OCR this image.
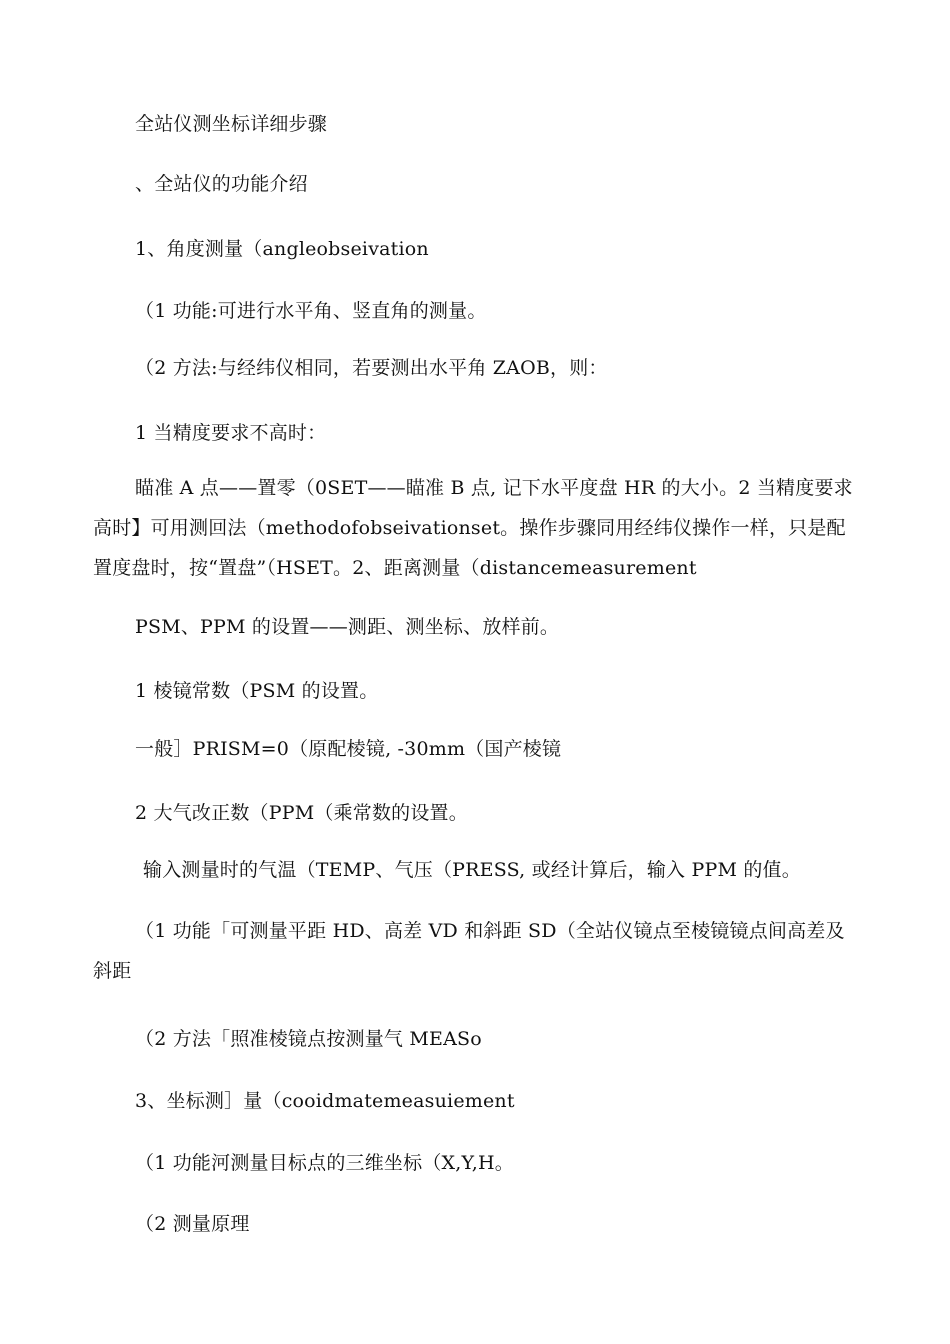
全站仪测坐标详细步骤
、全站仪的功能介绍
1、角度测量（angleobseivation
（1 功能:可进行水平角、竖直角的测量。
（2 方法:与经纬仪相同，若要测出水平角 ZAOB，则：
1 当精度要求不高时：
瞄准 A 点——置零（0SET——瞄准 B 点, 记下水平度盘 HR 的大小。2 当精度要求高时】可用测回法（methodofobseivationset。操作步骤同用经纬仪操作一样，只是配置度盘时，按“置盘”（HSET。2、距离测量（distancemeasurement
PSM、PPM 的设置——测距、测坐标、放样前。
1 棱镜常数（PSM 的设置。
一般］PRISM=0（原配棱镜, -30mm（国产棱镜
2 大气改正数（PPM（乘常数的设置。
输入测量时的气温（TEMP、气压（PRESS, 或经计算后，输入 PPM 的值。
（1 功能「可测量平距 HD、高差 VD 和斜距 SD（全站仪镜点至棱镜镜点间高差及斜距
（2 方法「照准棱镜点按测量气 MEASo
3、坐标测］量（cooidmatemeasuiement
（1 功能河测量目标点的三维坐标（X,Y,H。
（2 测量原理
